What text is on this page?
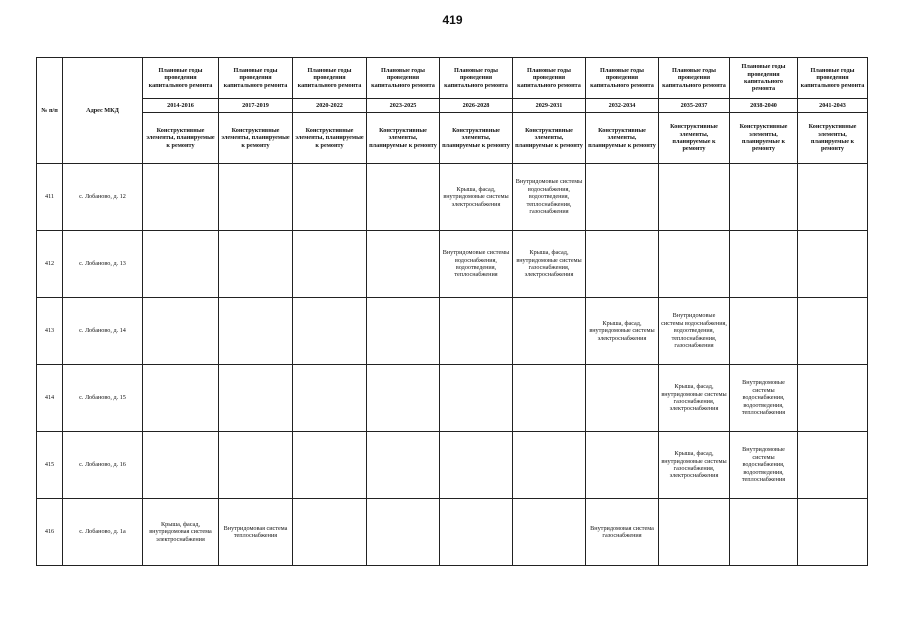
419
№ п/п	Адрес МКД	Плановые годы проведения капитального ремонта	Плановые годы проведения капитального ремонта	Плановые годы проведения капитального ремонта	Плановые годы проведения капитального ремонта	Плановые годы проведения капитального ремонта	Плановые годы проведения капитального ремонта	Плановые годы проведения капитального ремонта	Плановые годы проведения капитального ремонта	Плановые годы проведения капитального ремонта	Плановые годы проведения капитального ремонта
		2014-2016	2017-2019	2020-2022	2023-2025	2026-2028	2029-2031	2032-2034	2035-2037	2038-2040	2041-2043
		Конструктивные элементы, планируемые к ремонту	Конструктивные элементы, планируемые к ремонту	Конструктивные элементы, планируемые к ремонту	Конструктивные элементы, планируемые к ремонту	Конструктивные элементы, планируемые к ремонту	Конструктивные элементы, планируемые к ремонту	Конструктивные элементы, планируемые к ремонту	Конструктивные элементы, планируемые к ремонту	Конструктивные элементы, планируемые к ремонту	Конструктивные элементы, планируемые к ремонту
411	с. Лобаново, д. 12					Крыша, фасад, внутридомовые системы электроснабжения	Внутридомовые системы водоснабжения, водоотведения, теплоснабжения, газоснабжения				
412	с. Лобаново, д. 13					Внутридомовые системы водоснабжения, водоотведения, теплоснабжения	Крыша, фасад, внутридомовые системы газоснабжения, электроснабжения				
413	с. Лобаново, д. 14							Крыша, фасад, внутридомовые системы электроснабжения	Внутридомовые системы водоснабжения, водоотведения, теплоснабжения, газоснабжения		
414	с. Лобаново, д. 15								Крыша, фасад, внутридомовые системы газоснабжения, электроснабжения	Внутридомовые системы водоснабжения, водоотведения, теплоснабжения	
415	с. Лобаново, д. 16								Крыша, фасад, внутридомовые системы газоснабжения, электроснабжения	Внутридомовые системы водоснабжения, водоотведения, теплоснабжения	
416	с. Лобаново, д. 1а	Крыша, фасад, внутридомовая система электроснабжения	Внутридомовая система теплоснабжения					Внутридомовая система газоснабжения			
